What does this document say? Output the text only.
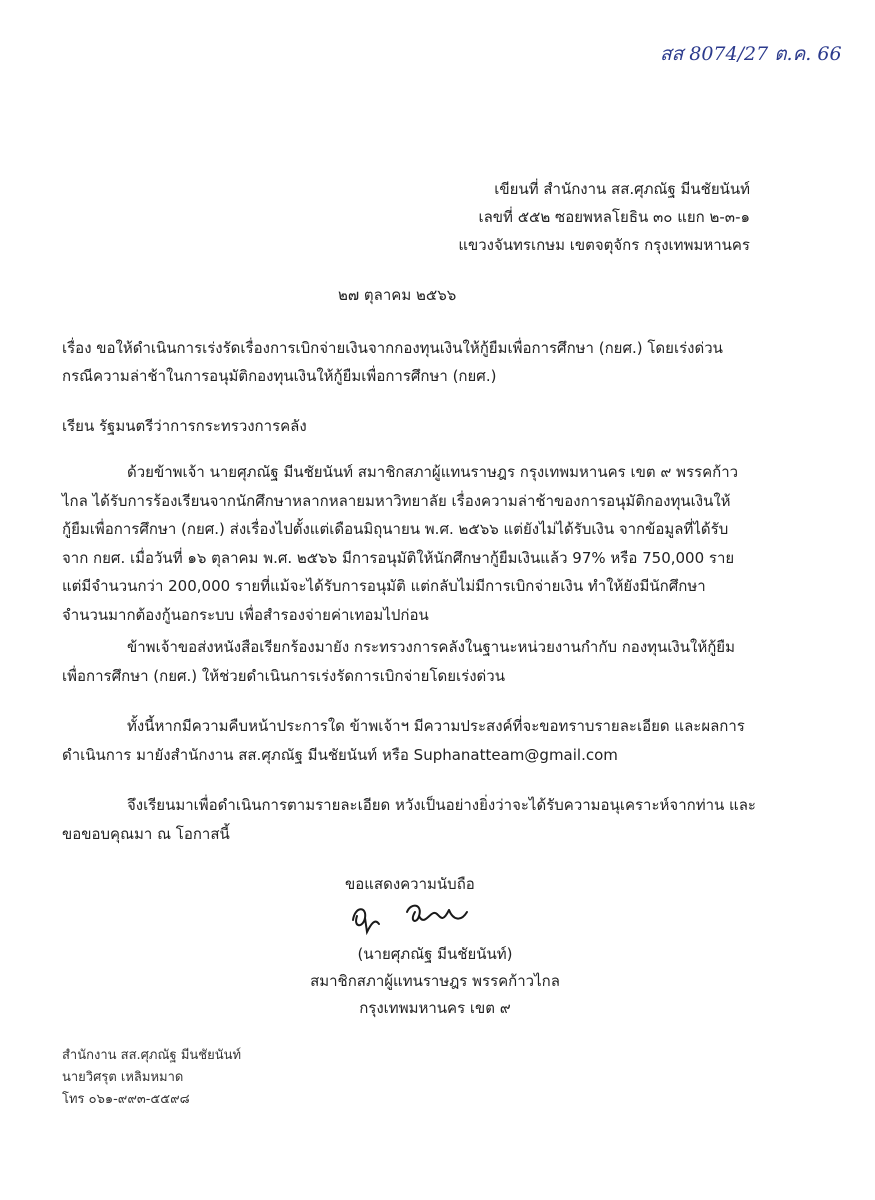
สส 8074/27 ต.ค. 66
เขียนที่ สำนักงาน สส.ศุภณัฐ มีนชัยนันท์
เลขที่ ๕๕๒ ซอยพหลโยธิน ๓๐ แยก ๒-๓-๑
แขวงจันทรเกษม เขตจตุจักร กรุงเทพมหานคร
๒๗ ตุลาคม ๒๕๖๖
เรื่อง ขอให้ดำเนินการเร่งรัดเรื่องการเบิกจ่ายเงินจากกองทุนเงินให้กู้ยืมเพื่อการศึกษา (กยศ.) โดยเร่งด่วน
กรณีความล่าช้าในการอนุมัติกองทุนเงินให้กู้ยืมเพื่อการศึกษา (กยศ.)
เรียน รัฐมนตรีว่าการกระทรวงการคลัง

ด้วยข้าพเจ้า นายศุภณัฐ มีนชัยนันท์ สมาชิกสภาผู้แทนราษฎร กรุงเทพมหานคร เขต ๙ พรรคก้าว

ไกล ได้รับการร้องเรียนจากนักศึกษาหลากหลายมหาวิทยาลัย เรื่องความล่าช้าของการอนุมัติกองทุนเงินให้

กู้ยืมเพื่อการศึกษา (กยศ.) ส่งเรื่องไปตั้งแต่เดือนมิถุนายน พ.ศ. ๒๕๖๖ แต่ยังไม่ได้รับเงิน จากข้อมูลที่ได้รับ

จาก กยศ. เมื่อวันที่ ๑๖ ตุลาคม พ.ศ. ๒๕๖๖ มีการอนุมัติให้นักศึกษากู้ยืมเงินแล้ว 97% หรือ 750,000 ราย

แต่มีจำนวนกว่า 200,000 รายที่แม้จะได้รับการอนุมัติ แต่กลับไม่มีการเบิกจ่ายเงิน ทำให้ยังมีนักศึกษา

จำนวนมากต้องกู้นอกระบบ เพื่อสำรองจ่ายค่าเทอมไปก่อน

ข้าพเจ้าขอส่งหนังสือเรียกร้องมายัง กระทรวงการคลังในฐานะหน่วยงานกำกับ กองทุนเงินให้กู้ยืม

เพื่อการศึกษา (กยศ.) ให้ช่วยดำเนินการเร่งรัดการเบิกจ่ายโดยเร่งด่วน

ทั้งนี้หากมีความคืบหน้าประการใด ข้าพเจ้าฯ มีความประสงค์ที่จะขอทราบรายละเอียด และผลการ

ดำเนินการ มายังสำนักงาน สส.ศุภณัฐ มีนชัยนันท์ หรือ Suphanatteam@gmail.com

จึงเรียนมาเพื่อดำเนินการตามรายละเอียด หวังเป็นอย่างยิ่งว่าจะได้รับความอนุเคราะห์จากท่าน และ

ขอขอบคุณมา ณ โอกาสนี้

ขอแสดงความนับถือ
(นายศุภณัฐ มีนชัยนันท์)
สมาชิกสภาผู้แทนราษฎร พรรคก้าวไกล
กรุงเทพมหานคร เขต ๙
สำนักงาน สส.ศุภณัฐ มีนชัยนันท์
นายวิศรุต เหลิมหมาด
โทร ๐๖๑-๙๙๓-๕๕๙๘
